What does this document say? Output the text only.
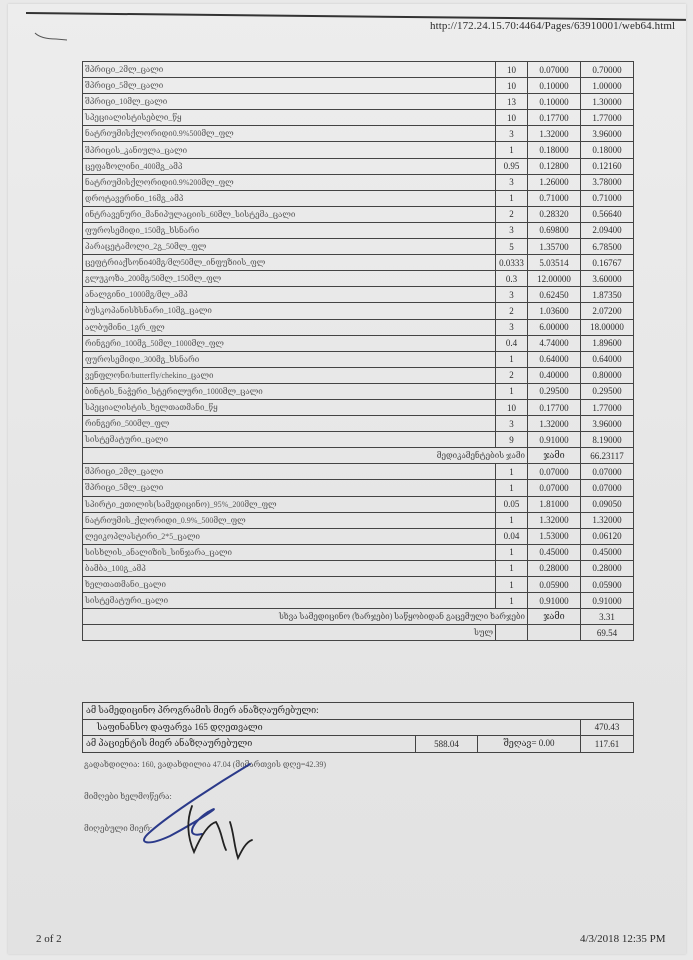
http://172.24.15.70:4464/Pages/63910001/web64.html
შპრიცი_2მლ_ცალი	10	0.07000	0.70000
შპრიცი_5მლ_ცალი	10	0.10000	1.00000
შპრიცი_10მლ_ცალი	13	0.10000	1.30000
სპეციალისტისებლი_წყ	10	0.17700	1.77000
ნატრიუმისქლორიდი0.9%500მლ_ფლ	3	1.32000	3.96000
შპრიცის_კანიულა_ცალი	1	0.18000	0.18000
ცეფაზოლინი_400მგ_ამპ	0.95	0.12800	0.12160
ნატრიუმისქლორიდი0.9%200მლ_ფლ	3	1.26000	3.78000
დროტავერინი_16მგ_ამპ	1	0.71000	0.71000
ინტრავენური_მანიპულაციის_60მლ_სისტემა_ცალი	2	0.28320	0.56640
ფუროსემიდი_150მგ_ხსნარი	3	0.69800	2.09400
პარაცეტამოლი_2გ_50მლ_ფლ	5	1.35700	6.78500
ცეფტრიაქსონი40მგ/მლ50მლ_ინფუზიის_ფლ	0.0333	5.03514	0.16767
გლუკოზა_200მგ/50მლ_150მლ_ფლ	0.3	12.00000	3.60000
ანალგინი_1000მგ/მლ_ამპ	3	0.62450	1.87350
ბუსკოპანისხსნარი_10მგ_ცალი	2	1.03600	2.07200
ალბუმინი_1გრ_ფლ	3	6.00000	18.00000
რინგერი_100მგ_50მლ_1000მლ_ფლ	0.4	4.74000	1.89600
ფუროსემიდი_300მგ_ხსნარი	1	0.64000	0.64000
ვენფლონი/butterfly/chekino_ცალი	2	0.40000	0.80000
ბინტის_ნაჭერი_სტერილური_1000მლ_ცალი	1	0.29500	0.29500
სპეციალისტის_ხელთათმანი_წყ	10	0.17700	1.77000
რინგერი_500მლ_ფლ	3	1.32000	3.96000
სისტემატური_ცალი	9	0.91000	8.19000
მედიკამენტების ჯამი		ჯამი	66.23117
შპრიცი_2მლ_ცალი	1	0.07000	0.07000
შპრიცი_5მლ_ცალი	1	0.07000	0.07000
სპირტი_ეთილის(სამედიცინო)_95%_200მლ_ფლ	0.05	1.81000	0.09050
ნატრიუმის_ქლორიდი_0.9%_500მლ_ფლ	1	1.32000	1.32000
ლეიკოპლასტირი_2*5_ცალი	0.04	1.53000	0.06120
სისხლის_ანალიზის_სინჯარა_ცალი	1	0.45000	0.45000
ბამბა_100გ_ამპ	1	0.28000	0.28000
ხელთათმანი_ცალი	1	0.05900	0.05900
სისტემატური_ცალი	1	0.91000	0.91000
სხვა სამედიცინო (ხარჯები) საწყობიდან გაცემული ხარჯები		ჯამი	3.31
სულ			69.54
ამ სამედიცინო პროგრამის მიერ ანაზღაურებული:			
საფინანსო დაფარვა 165 დღეთვალი			470.43
ამ პაციენტის მიერ ანაზღაურებული	588.04	შეღავ= 0.00	117.61
გადახდილია: 160, ვადახდილია 47.04 (მიმართვის დღე=42.39)
მიმღები ხელმოწერა:
მიღებული მიერ:
2 of 2	4/3/2018 12:35 PM
